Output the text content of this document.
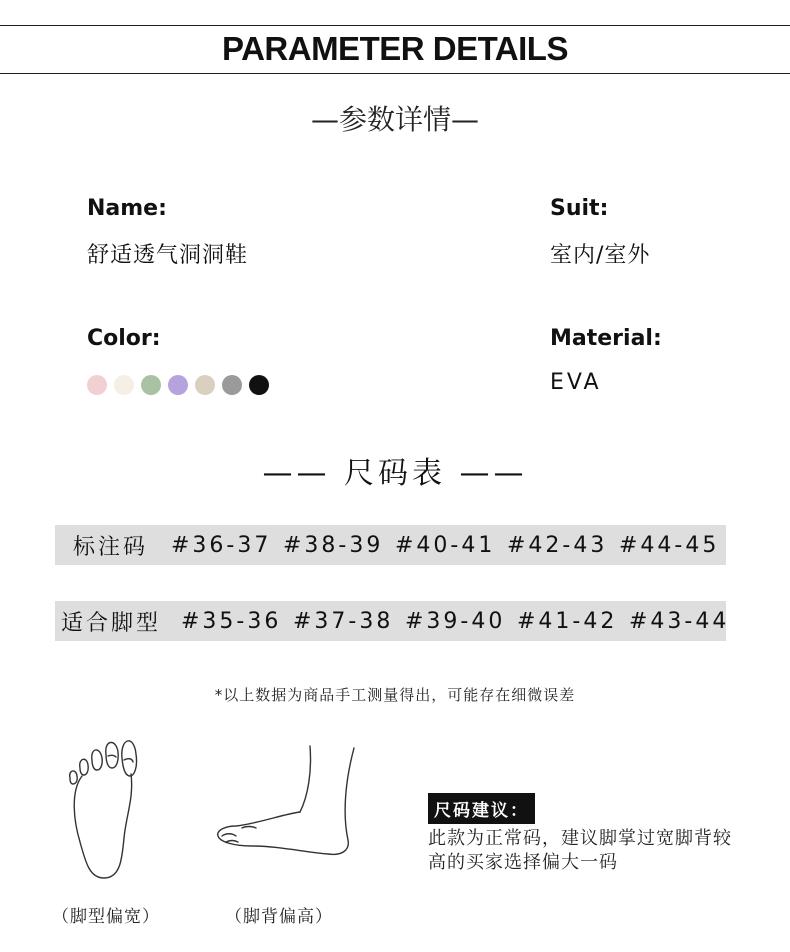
PARAMETER DETAILS
—参数详情—
Name:
舒适透气洞洞鞋
Suit:
室内/室外
Color:	Material:
EVA
—— 尺码表 ——
标注码 #36-37 #38-39 #40-41 #42-43 #44-45
适合脚型 #35-36 #37-38 #39-40 #41-42 #43-44
*以上数据为商品手工测量得出，可能存在细微误差
（脚型偏宽）	（脚背偏高）
尺码建议：
此款为正常码，建议脚掌过宽脚背较高的买家选择偏大一码
